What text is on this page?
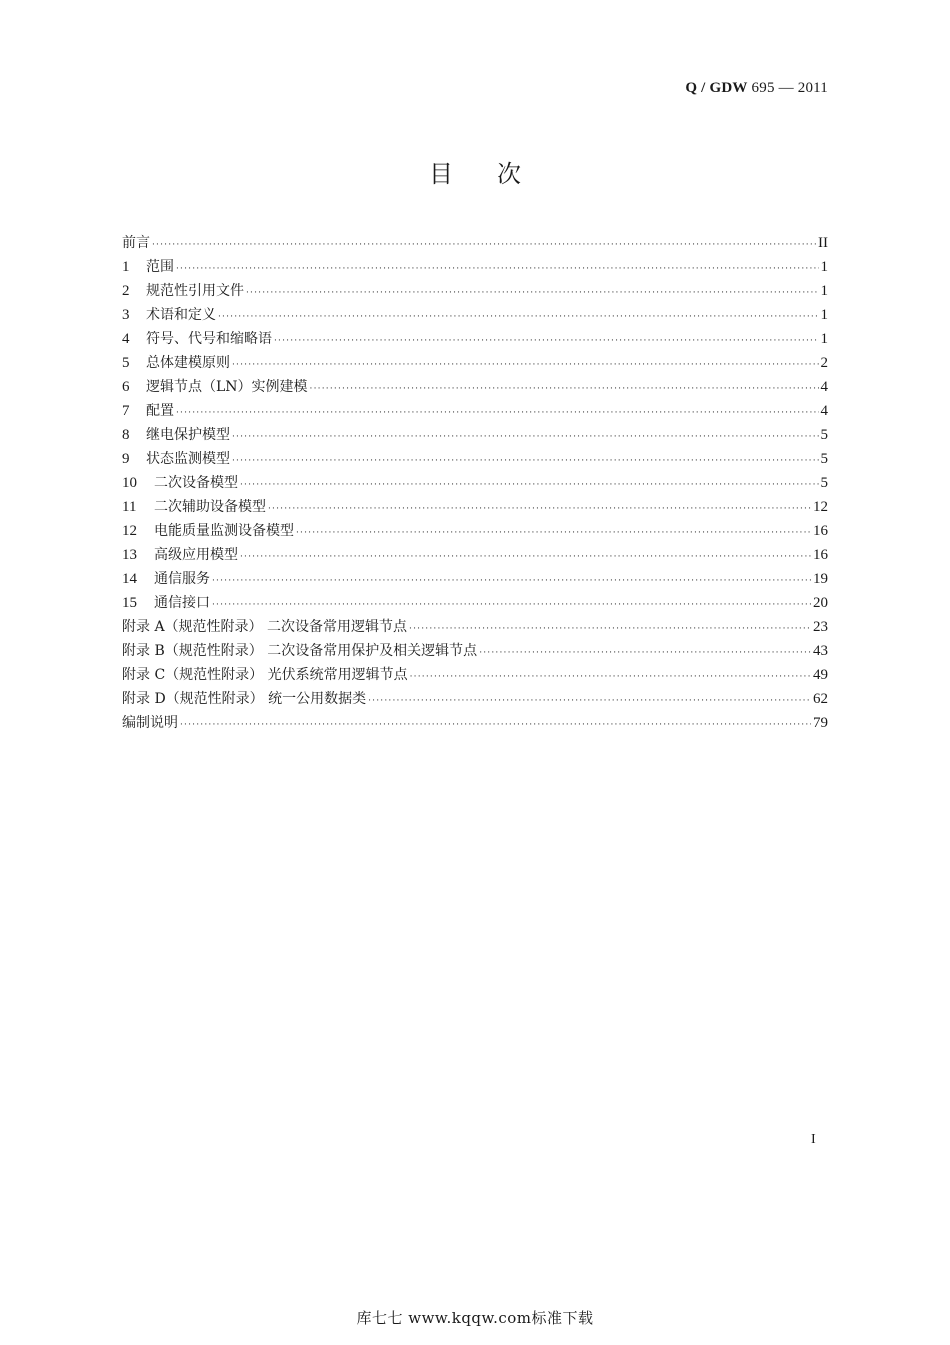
Q / GDW 695 — 2011
目次
前言 ·····	II
1 范围 ·····	1
2 规范性引用文件 ·····	1
3 术语和定义 ·····	1
4 符号、代号和缩略语 ·····	1
5 总体建模原则 ·····	2
6 逻辑节点（LN）实例建模 ·····	4
7 配置 ·····	4
8 继电保护模型 ·····	5
9 状态监测模型 ·····	5
10 二次设备模型 ·····	5
11 二次辅助设备模型 ·····	12
12 电能质量监测设备模型 ·····	16
13 高级应用模型 ·····	16
14 通信服务 ·····	19
15 通信接口 ·····	20
附录 A（规范性附录） 二次设备常用逻辑节点 ·····	23
附录 B（规范性附录） 二次设备常用保护及相关逻辑节点 ·····	43
附录 C（规范性附录） 光伏系统常用逻辑节点 ·····	49
附录 D（规范性附录） 统一公用数据类 ·····	62
编制说明 ·····	79
I
库七七 www.kqqw.com标准下载
